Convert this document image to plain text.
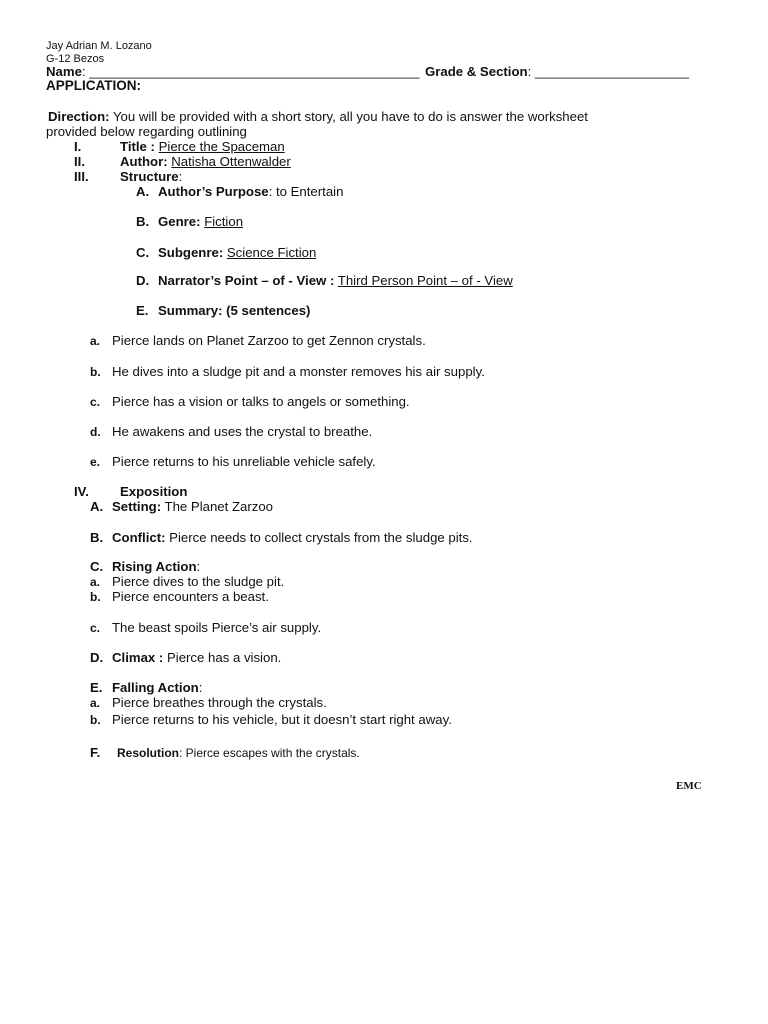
Jay Adrian M. Lozano
G-12 Bezos
Name: _____________________________________________ Grade & Section: _____________________
APPLICATION:
Direction: You will be provided with a short story, all you have to do is answer the worksheet
provided below regarding outlining
I.	Title : Pierce the Spaceman
II.	Author: Natisha Ottenwalder
III. Structure:
A. Author’s Purpose: to Entertain
B. Genre: Fiction
C. Subgenre: Science Fiction
D. Narrator’s Point – of - View : Third Person Point – of - View
E. Summary: (5 sentences)
a. Pierce lands on Planet Zarzoo to get Zennon crystals.
b. He dives into a sludge pit and a monster removes his air supply.
c. Pierce has a vision or talks to angels or something.
d. He awakens and uses the crystal to breathe.
e. Pierce returns to his unreliable vehicle safely.
IV. Exposition
A. Setting: The Planet Zarzoo
B. Conflict: Pierce needs to collect crystals from the sludge pits.
C. Rising Action:
a. Pierce dives to the sludge pit.
b. Pierce encounters a beast.
c. The beast spoils Pierce’s air supply.
D. Climax : Pierce has a vision.
E. Falling Action:
a. Pierce breathes through the crystals.
b. Pierce returns to his vehicle, but it doesn’t start right away.
F. Resolution: Pierce escapes with the crystals.
EMC
